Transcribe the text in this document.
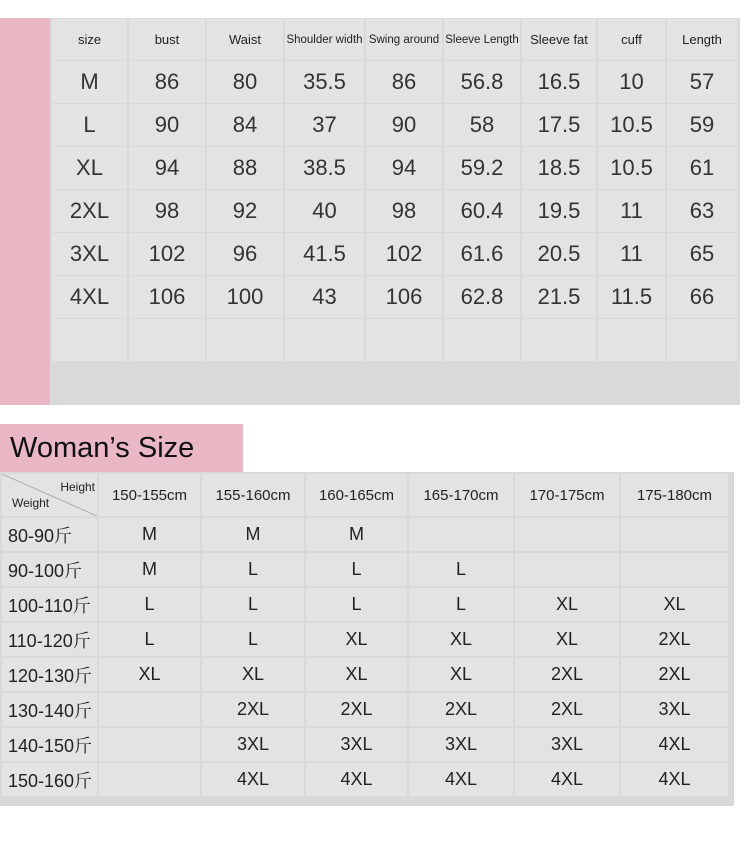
size	bust	Waist	Shoulder width	Swing around	Sleeve Length	Sleeve fat	cuff	Length
M	86	80	35.5	86	56.8	16.5	10	57
L	90	84	37	90	58	17.5	10.5	59
XL	94	88	38.5	94	59.2	18.5	10.5	61
2XL	98	92	40	98	60.4	19.5	11	63
3XL	102	96	41.5	102	61.6	20.5	11	65
4XL	106	100	43	106	62.8	21.5	11.5	66

Woman’s Size
Height
Weight	150-155cm	155-160cm	160-165cm	165-170cm	170-175cm	175-180cm
80-90斤	M	M	M			
90-100斤	M	L	L	L		
100-110斤	L	L	L	L	XL	XL
110-120斤	L	L	XL	XL	XL	2XL
120-130斤	XL	XL	XL	XL	2XL	2XL
130-140斤		2XL	2XL	2XL	2XL	3XL
140-150斤		3XL	3XL	3XL	3XL	4XL
150-160斤		4XL	4XL	4XL	4XL	4XL
